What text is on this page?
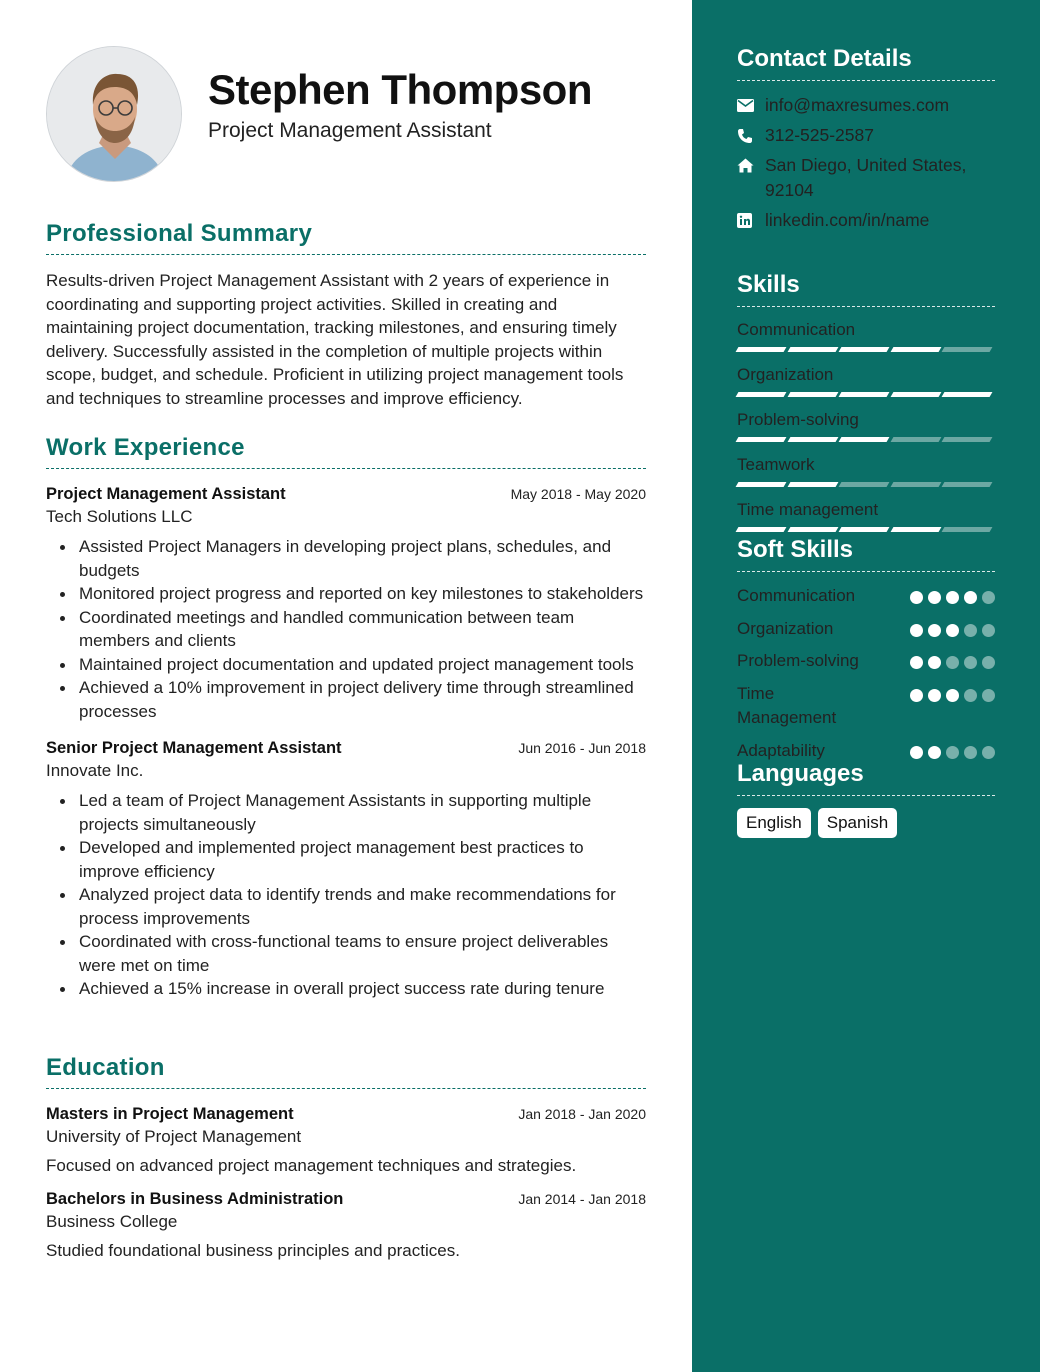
Stephen Thompson
Project Management Assistant
Professional Summary
Results-driven Project Management Assistant with 2 years of experience in coordinating and supporting project activities. Skilled in creating and maintaining project documentation, tracking milestones, and ensuring timely delivery. Successfully assisted in the completion of multiple projects within scope, budget, and schedule. Proficient in utilizing project management tools and techniques to streamline processes and improve efficiency.
Work Experience
Project Management Assistant	May 2018 - May 2020
Tech Solutions LLC
Assisted Project Managers in developing project plans, schedules, and budgets
Monitored project progress and reported on key milestones to stakeholders
Coordinated meetings and handled communication between team members and clients
Maintained project documentation and updated project management tools
Achieved a 10% improvement in project delivery time through streamlined processes
Senior Project Management Assistant	Jun 2016 - Jun 2018
Innovate Inc.
Led a team of Project Management Assistants in supporting multiple projects simultaneously
Developed and implemented project management best practices to improve efficiency
Analyzed project data to identify trends and make recommendations for process improvements
Coordinated with cross-functional teams to ensure project deliverables were met on time
Achieved a 15% increase in overall project success rate during tenure
Education
Masters in Project Management	Jan 2018 - Jan 2020
University of Project Management
Focused on advanced project management techniques and strategies.
Bachelors in Business Administration	Jan 2014 - Jan 2018
Business College
Studied foundational business principles and practices.
Contact Details
info@maxresumes.com
312-525-2587
San Diego, United States, 92104
linkedin.com/in/name
Skills
Communication
Organization
Problem-solving
Teamwork
Time management
Soft Skills
Communication
Organization
Problem-solving
Time Management
Adaptability
Languages
English	Spanish
